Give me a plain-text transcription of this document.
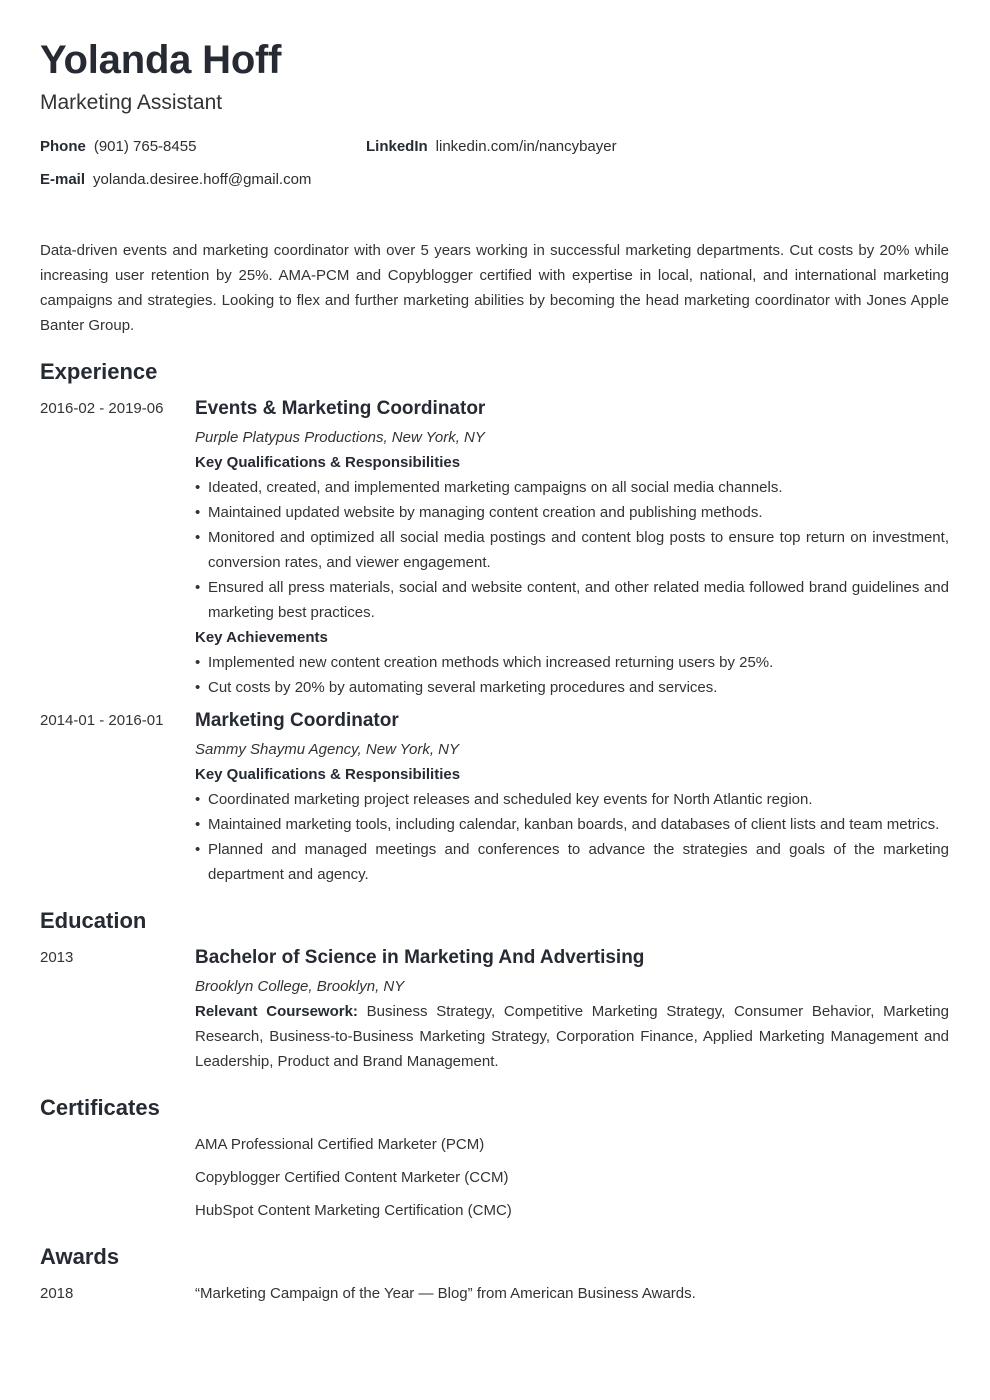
Yolanda Hoff
Marketing Assistant
Phone (901) 765-8455	LinkedIn linkedin.com/in/nancybayer
E-mail yolanda.desiree.hoff@gmail.com
Data-driven events and marketing coordinator with over 5 years working in successful marketing departments. Cut costs by 20% while increasing user retention by 25%. AMA-PCM and Copyblogger certified with expertise in local, national, and international marketing campaigns and strategies. Looking to flex and further marketing abilities by becoming the head marketing coordinator with Jones Apple Banter Group.
Experience
2016-02 - 2019-06	Events & Marketing Coordinator
Purple Platypus Productions, New York, NY
Key Qualifications & Responsibilities
• Ideated, created, and implemented marketing campaigns on all social media channels.
• Maintained updated website by managing content creation and publishing methods.
• Monitored and optimized all social media postings and content blog posts to ensure top return on investment, conversion rates, and viewer engagement.
• Ensured all press materials, social and website content, and other related media followed brand guidelines and marketing best practices.
Key Achievements
• Implemented new content creation methods which increased returning users by 25%.
• Cut costs by 20% by automating several marketing procedures and services.
2014-01 - 2016-01	Marketing Coordinator
Sammy Shaymu Agency, New York, NY
Key Qualifications & Responsibilities
• Coordinated marketing project releases and scheduled key events for North Atlantic region.
• Maintained marketing tools, including calendar, kanban boards, and databases of client lists and team metrics.
• Planned and managed meetings and conferences to advance the strategies and goals of the marketing department and agency.
Education
2013	Bachelor of Science in Marketing And Advertising
Brooklyn College, Brooklyn, NY
Relevant Coursework: Business Strategy, Competitive Marketing Strategy, Consumer Behavior, Marketing Research, Business-to-Business Marketing Strategy, Corporation Finance, Applied Marketing Management and Leadership, Product and Brand Management.
Certificates
AMA Professional Certified Marketer (PCM)
Copyblogger Certified Content Marketer (CCM)
HubSpot Content Marketing Certification (CMC)
Awards
2018	“Marketing Campaign of the Year — Blog” from American Business Awards.
